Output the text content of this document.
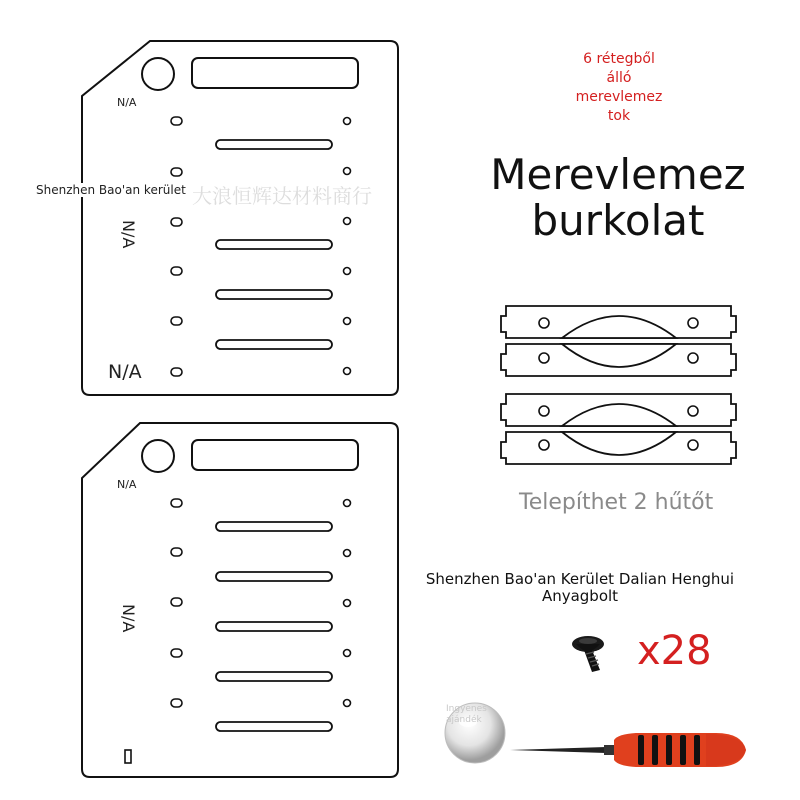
N/A
N/A
N/A
Shenzhen Bao'an kerület
N/A
N/A
大浪恒辉达材料商行
6 rétegből
álló
merevlemez
tok
Merevlemez
burkolat
Telepíthet 2 hűtőt
Shenzhen Bao'an Kerület Dalian Henghui
Anyagbolt
x28
Ingyenes
ajándék
